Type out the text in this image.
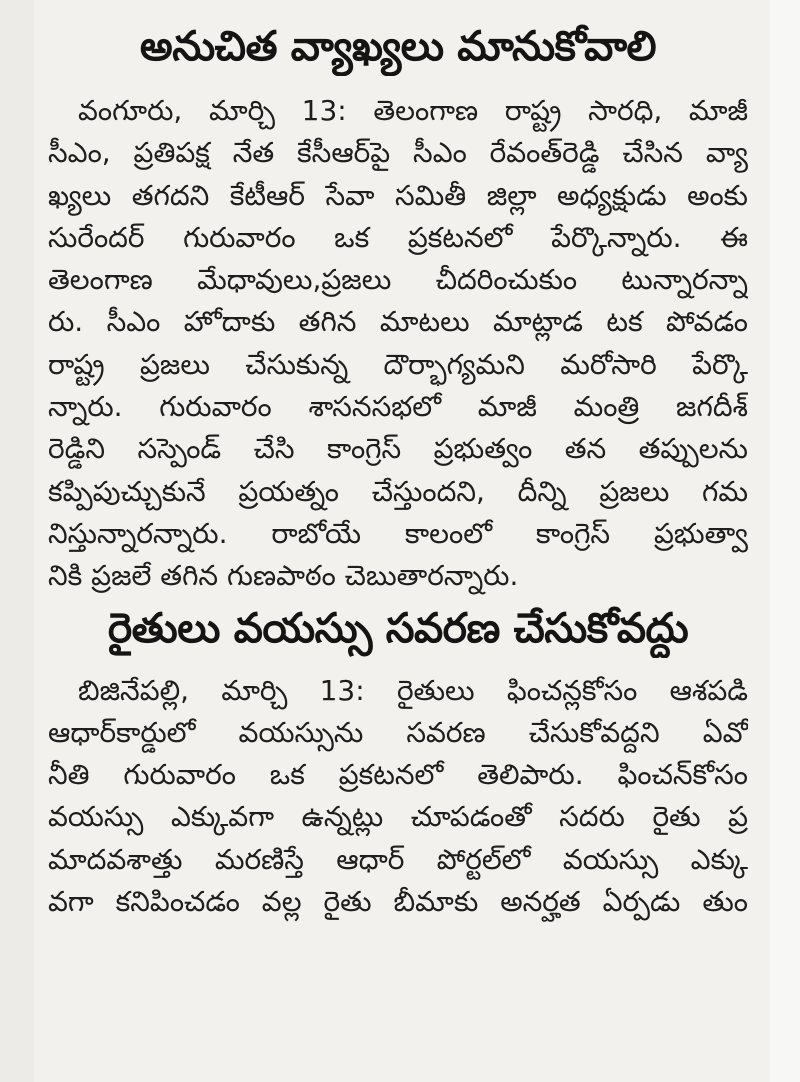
అనుచిత వ్యాఖ్యలు మానుకోవాలి
వంగూరు, మార్చి 13: తెలంగాణ రాష్ట్ర సారధి, మాజీ
సీఎం, ప్రతిపక్ష నేత కేసీఆర్‌పై సీఎం రేవంత్‌రెడ్డి చేసిన వ్యా
ఖ్యలు తగదని కేటీఆర్ సేవా సమితీ జిల్లా అధ్యక్షుడు అంకు
సురేందర్ గురువారం ఒక ప్రకటనలో పేర్కొన్నారు. ఈ
తెలంగాణ మేధావులు,ప్రజలు చీదరించుకుం టున్నారన్నా
రు. సీఎం హోదాకు తగిన మాటలు మాట్లాడ టక పోవడం
రాష్ట్ర ప్రజలు చేసుకున్న దౌర్భాగ్యమని మరోసారి పేర్కొ
న్నారు. గురువారం శాసనసభలో మాజీ మంత్రి జగదీశ్
రెడ్డిని సస్పెండ్ చేసి కాంగ్రెస్ ప్రభుత్వం తన తప్పులను
కప్పిపుచ్చుకునే ప్రయత్నం చేస్తుందని, దీన్ని ప్రజలు గమ
నిస్తున్నారన్నారు. రాబోయే కాలంలో కాంగ్రెస్ ప్రభుత్వా
నికి ప్రజలే తగిన గుణపాఠం చెబుతారన్నారు.
రైతులు వయస్సు సవరణ చేసుకోవద్దు
బిజినేపల్లి, మార్చి 13: రైతులు ఫించన్లకోసం ఆశపడి
ఆధార్‌కార్డులో వయస్సును సవరణ చేసుకోవద్దని ఏవో
నీతి గురువారం ఒక ప్రకటనలో తెలిపారు. ఫించన్‌కోసం
వయస్సు ఎక్కువగా ఉన్నట్లు చూపడంతో సదరు రైతు ప్ర
మాదవశాత్తు మరణిస్తే ఆధార్ పోర్టల్‌లో వయస్సు ఎక్కు
వగా కనిపించడం వల్ల రైతు బీమాకు అనర్హత ఏర్పడు తుం
